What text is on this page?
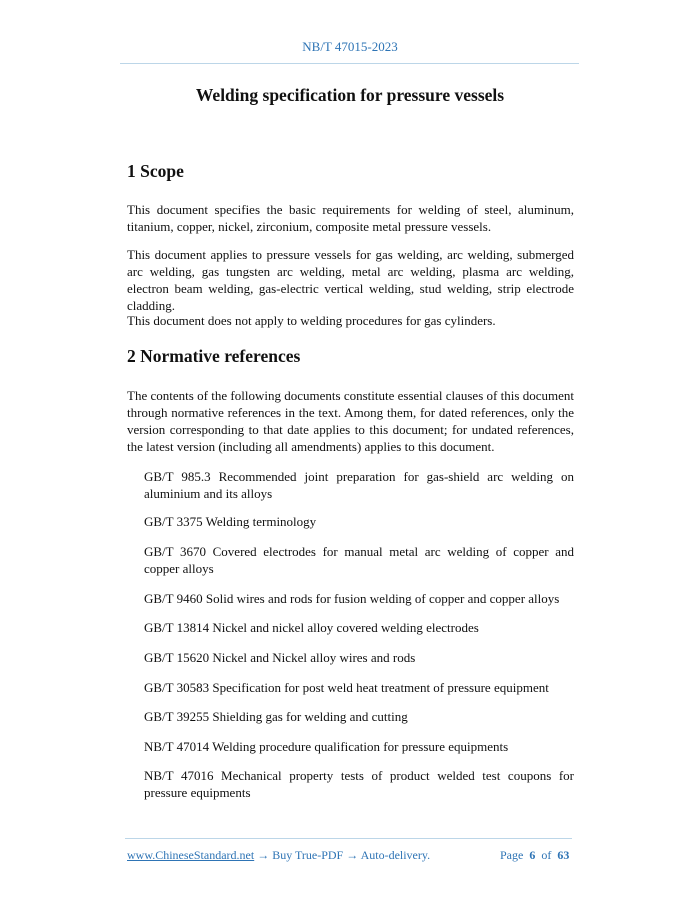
NB/T 47015-2023
Welding specification for pressure vessels
1 Scope
This document specifies the basic requirements for welding of steel, aluminum, titanium, copper, nickel, zirconium, composite metal pressure vessels.
This document applies to pressure vessels for gas welding, arc welding, submerged arc welding, gas tungsten arc welding, metal arc welding, plasma arc welding, electron beam welding, gas-electric vertical welding, stud welding, strip electrode cladding.
This document does not apply to welding procedures for gas cylinders.
2 Normative references
The contents of the following documents constitute essential clauses of this document through normative references in the text. Among them, for dated references, only the version corresponding to that date applies to this document; for undated references, the latest version (including all amendments) applies to this document.
GB/T 985.3 Recommended joint preparation for gas-shield arc welding on aluminium and its alloys
GB/T 3375 Welding terminology
GB/T 3670 Covered electrodes for manual metal arc welding of copper and copper alloys
GB/T 9460 Solid wires and rods for fusion welding of copper and copper alloys
GB/T 13814 Nickel and nickel alloy covered welding electrodes
GB/T 15620 Nickel and Nickel alloy wires and rods
GB/T 30583 Specification for post weld heat treatment of pressure equipment
GB/T 39255 Shielding gas for welding and cutting
NB/T 47014 Welding procedure qualification for pressure equipments
NB/T 47016 Mechanical property tests of product welded test coupons for pressure equipments
www.ChineseStandard.net → Buy True-PDF → Auto-delivery.	Page 6 of 63
